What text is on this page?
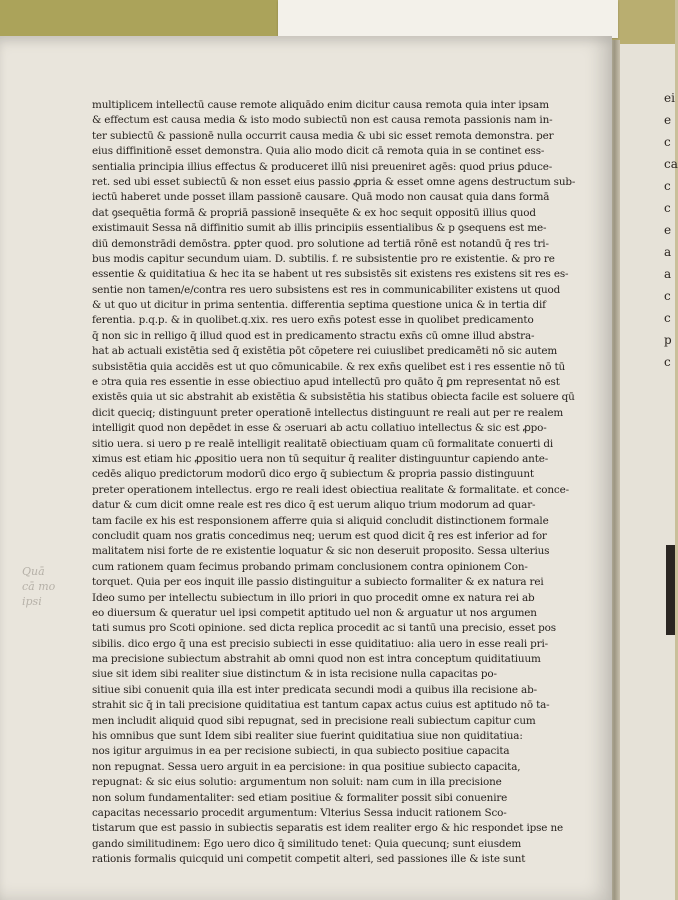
ei
e
c
ca
c
c
e
a
a
c
c
p
c
Quā
cā mo
ipsi
multiplicem intellectū cause remote aliquādo enim dicitur causa remota quia inter ipsam
& effectum est causa media & isto modo subiectū non est causa remota passionis nam in-
ter subiectū & passionē nulla occurrit causa media & ubi sic esset remota demonstra. per
eius diffinitionē esset demonstra. Quia alio modo dicit cā remota quia in se continet ess-
sentialia principia illius effectus & produceret illū nisi preueniret agēs: quod prius ꝑduce-
ret. sed ubi esset subiectū & non esset eius passio ꝓpria & esset omne agens destructum sub-
iectū haberet unde posset illam passionē causare. Quā modo non causat quia dans formā
dat ꝯsequētia formā & propriā passionē insequēte & ex hoc sequit oppositū illius quod
existimauit Sessa nā diffinitio sumit ab illis principiis essentialibus & p ꝯsequens est me-
diū demonstrādi demōstra. ꝑpter quod. pro solutione ad tertiā rōnē est notandū q̄ res tri-
bus modis capitur secundum uiam. D. subtilis. f. re subsistentie pro re existentie. & pro re
essentie & quiditatiua & hec ita se habent ut res subsistēs sit existens res existens sit res es-
sentie non tamen/e/contra res uero subsistens est res in communicabiliter existens ut quod
& ut quo ut dicitur in prima sententia. differentia septima questione unica & in tertia dif
ferentia. p.q.p. & in quolibet.q.xix. res uero exn̄s potest esse in quolibet predicamento
q̄ non sic in relligo q̄ illud quod est in predicamento stractu exn̄s cū omne illud abstra-
hat ab actuali existētia sed q̄ existētia pōt cōpetere rei cuiuslibet predicamēti nō sic autem
subsistētia quia accidēs est ut quo cōmunicabile. & rex exn̄s quelibet est i res essentie nō tū
e ɔtra quia res essentie in esse obiectiuo apud intellectū pro quāto q̄ ꝑm representat nō est
existēs quia ut sic abstrahit ab existētia & subsistētia his statibus obiecta facile est soluere qū
dicit queciq; distinguunt preter operationē intellectus distinguunt re reali aut per re realem
intelligit quod non depēdet in esse & ɔseruari ab actu collatiuo intellectus & sic est ꝓpo-
sitio uera. si uero p re realē intelligit realitatē obiectiuam quam cū formalitate conuerti di
ximus est etiam hic ꝓpositio uera non tū sequitur q̄ realiter distinguuntur capiendo ante-
cedēs aliquo predictorum modorū dico ergo q̄ subiectum & propria passio distinguunt
preter operationem intellectus. ergo re reali idest obiectiua realitate & formalitate. et conce-
datur & cum dicit omne reale est res dico q̄ est uerum aliquo trium modorum ad quar-
tam facile ex his est responsionem afferre quia si aliquid concludit distinctionem formale
concludit quam nos gratis concedimus neq; uerum est quod dicit q̄ res est inferior ad for
malitatem nisi forte de re existentie loquatur & sic non deseruit proposito. Sessa ulterius
cum rationem quam fecimus probando primam conclusionem contra opinionem Con-
torquet. Quia per eos inquit ille passio distinguitur a subiecto formaliter & ex natura rei
Ideo sumo per intellectu subiectum in illo priori in quo procedit omne ex natura rei ab
eo diuersum & queratur uel ipsi competit aptitudo uel non & arguatur ut nos argumen
tati sumus pro Scoti opinione. sed dicta replica procedit ac si tantū una precisio, esset pos
sibilis. dico ergo q̄ una est precisio subiecti in esse quiditatiuo: alia uero in esse reali pri-
ma precisione subiectum abstrahit ab omni quod non est intra conceptum quiditatiuum
siue sit idem sibi realiter siue distinctum & in ista recisione nulla capacitas po-
sitiue sibi conuenit quia illa est inter predicata secundi modi a quibus illa recisione ab-
strahit sic q̄ in tali precisione quiditatiua est tantum capax actus cuius est aptitudo nō ta-
men includit aliquid quod sibi repugnat, sed in precisione reali subiectum capitur cum
his omnibus que sunt Idem sibi realiter siue fuerint quiditatiua siue non quiditatiua:
nos igitur arguimus in ea per recisione subiecti, in qua subiecto positiue capacita
non repugnat. Sessa uero arguit in ea percisione: in qua positiue subiecto capacita,
repugnat: & sic eius solutio: argumentum non soluit: nam cum in illa precisione
non solum fundamentaliter: sed etiam positiue & formaliter possit sibi conuenire
capacitas necessario procedit argumentum: Vlterius Sessa inducit rationem Sco-
tistarum que est passio in subiectis separatis est idem realiter ergo & hic respondet ipse ne
gando similitudinem: Ego uero dico q̄ similitudo tenet: Quia quecunq; sunt eiusdem
rationis formalis quicquid uni competit competit alteri, sed passiones ille & iste sunt
